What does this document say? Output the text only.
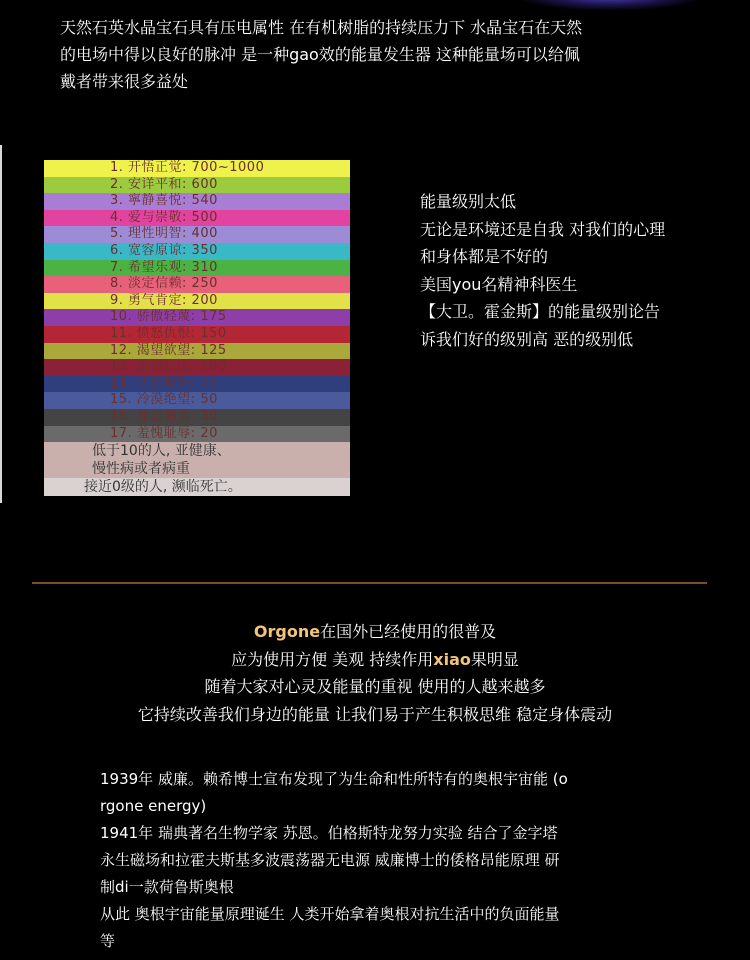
天然石英水晶宝石具有压电属性 在有机树脂的持续压力下 水晶宝石在天然

的电场中得以良好的脉冲 是一种gao效的能量发生器 这种能量场可以给佩

戴者带来很多益处

1. 开悟正觉: 700~1000
2. 安详平和: 600
3. 寧静喜悦: 540
4. 爱与崇敬: 500
5. 理性明智: 400
6. 宽容原谅: 350
7. 希望乐观: 310
8. 淡定信赖: 250
9. 勇气肯定: 200
10. 骄傲轻蔑: 175
11. 愤怒仇恨: 150
12. 渴望欲望: 125
13. 恐惧焦虑: 100
14. 忧伤懊悔: 75
15. 冷漠绝望: 50
16. 罪恶谴责: 30
17. 羞愧耻辱: 20
低于10的人, 亚健康、
慢性病或者病重
接近0级的人, 濒临死亡。

能量级别太低

无论是环境还是自我 对我们的心理

和身体都是不好的

美国you名精神科医生

【大卫。霍金斯】的能量级别论告

诉我们好的级别高 恶的级别低

Orgone在国外已经使用的很普及

应为使用方便 美观 持续作用xiao果明显

随着大家对心灵及能量的重视 使用的人越来越多

它持续改善我们身边的能量 让我们易于产生积极思维 稳定身体震动

1939年 威廉。赖希博士宣布发现了为生命和性所特有的奥根宇宙能 (o

rgone energy)

1941年 瑞典著名生物学家 苏恩。伯格斯特龙努力实验 结合了金字塔

永生磁场和拉霍夫斯基多波震荡器无电源 威廉博士的倭格昂能原理 研

制di一款荷鲁斯奥根

从此 奥根宇宙能量原理诞生 人类开始拿着奥根对抗生活中的负面能量

等
